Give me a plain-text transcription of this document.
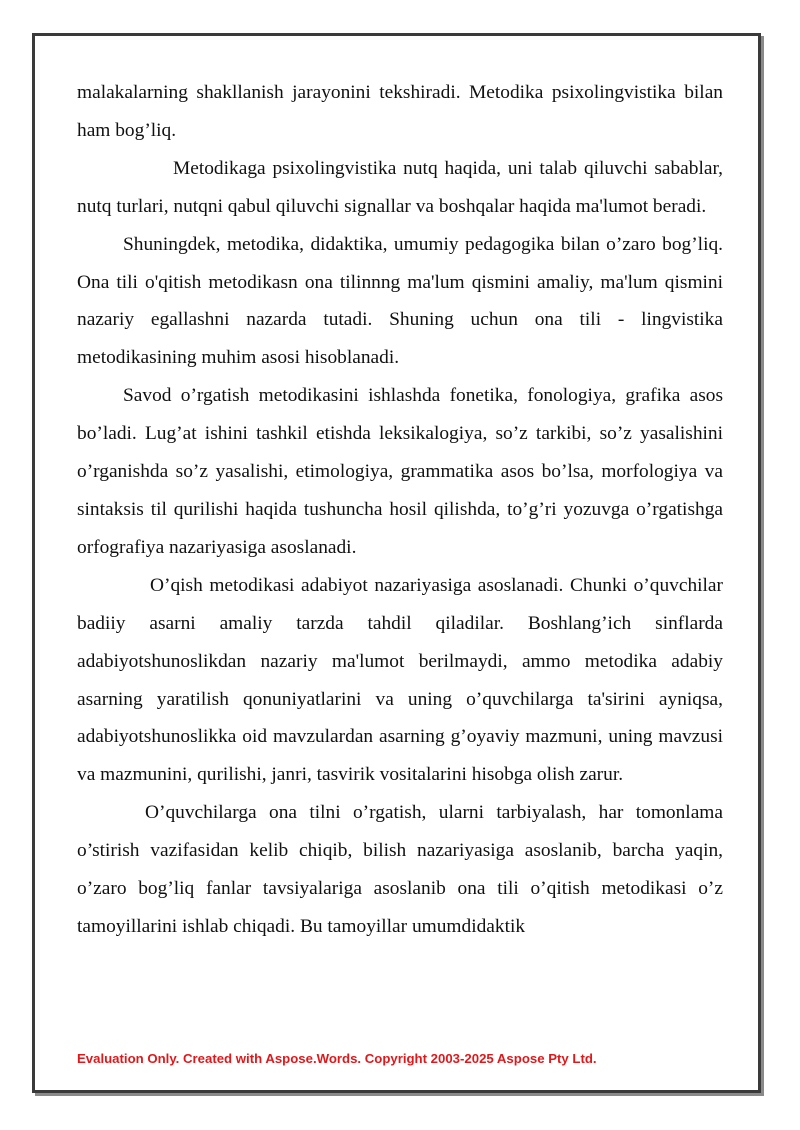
malakalarning shakllanish jarayonini tekshiradi. Metodika psixolingvistika bilan ham bog’liq.

Metodikaga psixolingvistika nutq haqida, uni talab qiluvchi sabablar, nutq turlari, nutqni qabul qiluvchi signallar va boshqalar haqida ma'lumot beradi.

Shuningdek, metodika, didaktika, umumiy pedagogika bilan o’zaro bog’liq. Ona tili o'qitish metodikasn ona tilinnng ma'lum qismini amaliy, ma'lum qismini nazariy egallashni nazarda tutadi. Shuning uchun ona tili - lingvistika metodikasining muhim asosi hisoblanadi.

Savod o’rgatish metodikasini ishlashda fonetika, fonologiya, grafika asos bo’ladi. Lug’at ishini tashkil etishda leksikalogiya, so’z tarkibi, so’z yasalishini o’rganishda so’z yasalishi, etimologiya, grammatika asos bo’lsa, morfologiya va sintaksis til qurilishi haqida tushuncha hosil qilishda, to’g’ri yozuvga o’rgatishga orfografiya nazariyasiga asoslanadi.

O’qish metodikasi adabiyot nazariyasiga asoslanadi. Chunki o’quvchilar badiiy asarni amaliy tarzda tahdil qiladilar. Boshlang’ich sinflarda adabiyotshunoslikdan nazariy ma'lumot berilmaydi, ammo metodika adabiy asarning yaratilish qonuniyatlarini va uning o’quvchilarga ta'sirini ayniqsa, adabiyotshunoslikka oid mavzulardan asarning g’oyaviy mazmuni, uning mavzusi va mazmunini, qurilishi, janri, tasvirik vositalarini hisobga olish zarur.

O’quvchilarga ona tilni o’rgatish, ularni tarbiyalash, har tomonlama o’stirish vazifasidan kelib chiqib, bilish nazariyasiga asoslanib, barcha yaqin, o’zaro bog’liq fanlar tavsiyalariga asoslanib ona tili o’qitish metodikasi o’z tamoyillarini ishlab chiqadi. Bu tamoyillar umumdidaktik

Evaluation Only. Created with Aspose.Words. Copyright 2003-2025 Aspose Pty Ltd.
